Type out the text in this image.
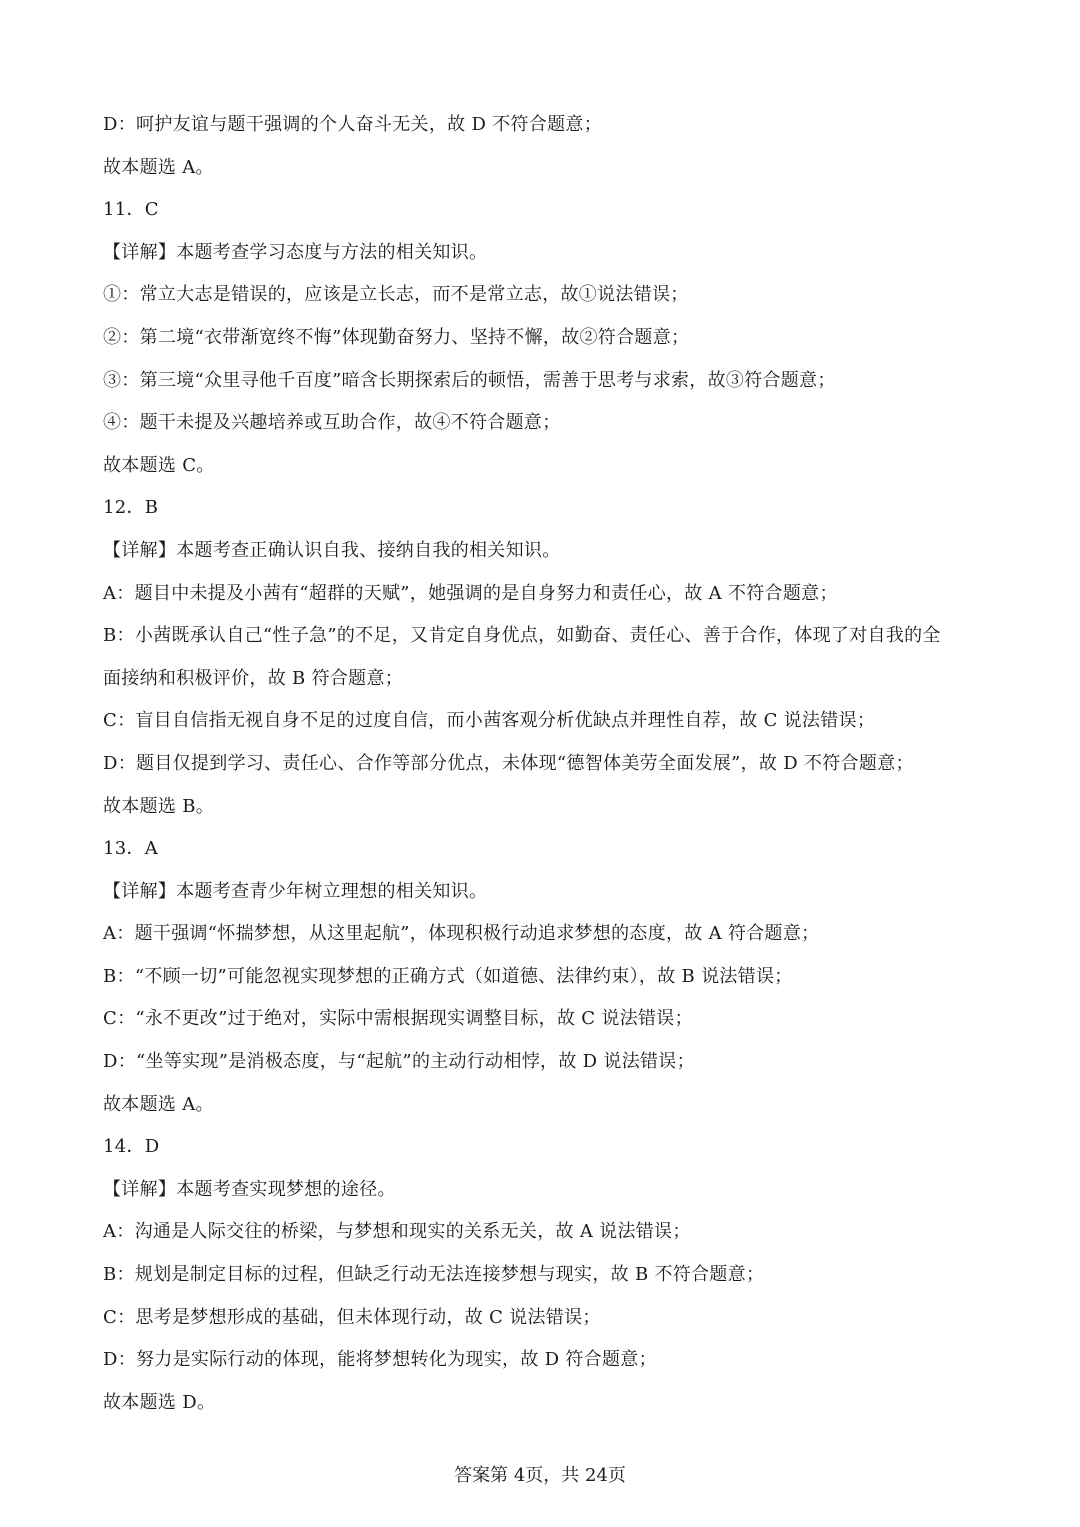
D：呵护友谊与题干强调的个人奋斗无关，故 D 不符合题意；
故本题选 A。
11．C
【详解】本题考查学习态度与方法的相关知识。
①：常立大志是错误的，应该是立长志，而不是常立志，故①说法错误；
②：第二境“衣带渐宽终不悔”体现勤奋努力、坚持不懈，故②符合题意；
③：第三境“众里寻他千百度”暗含长期探索后的顿悟，需善于思考与求索，故③符合题意；
④：题干未提及兴趣培养或互助合作，故④不符合题意；
故本题选 C。
12．B
【详解】本题考查正确认识自我、接纳自我的相关知识。
A：题目中未提及小茜有“超群的天赋”，她强调的是自身努力和责任心，故 A 不符合题意；
B：小茜既承认自己“性子急”的不足，又肯定自身优点，如勤奋、责任心、善于合作，体现了对自我的全
面接纳和积极评价，故 B 符合题意；
C：盲目自信指无视自身不足的过度自信，而小茜客观分析优缺点并理性自荐，故 C 说法错误；
D：题目仅提到学习、责任心、合作等部分优点，未体现“德智体美劳全面发展”，故 D 不符合题意；
故本题选 B。
13．A
【详解】本题考查青少年树立理想的相关知识。
A：题干强调“怀揣梦想，从这里起航”，体现积极行动追求梦想的态度，故 A 符合题意；
B：“不顾一切”可能忽视实现梦想的正确方式（如道德、法律约束），故 B 说法错误；
C：“永不更改”过于绝对，实际中需根据现实调整目标，故 C 说法错误；
D：“坐等实现”是消极态度，与“起航”的主动行动相悖，故 D 说法错误；
故本题选 A。
14．D
【详解】本题考查实现梦想的途径。
A：沟通是人际交往的桥梁，与梦想和现实的关系无关，故 A 说法错误；
B：规划是制定目标的过程，但缺乏行动无法连接梦想与现实，故 B 不符合题意；
C：思考是梦想形成的基础，但未体现行动，故 C 说法错误；
D：努力是实际行动的体现，能将梦想转化为现实，故 D 符合题意；
故本题选 D。
答案第 4页，共 24页
